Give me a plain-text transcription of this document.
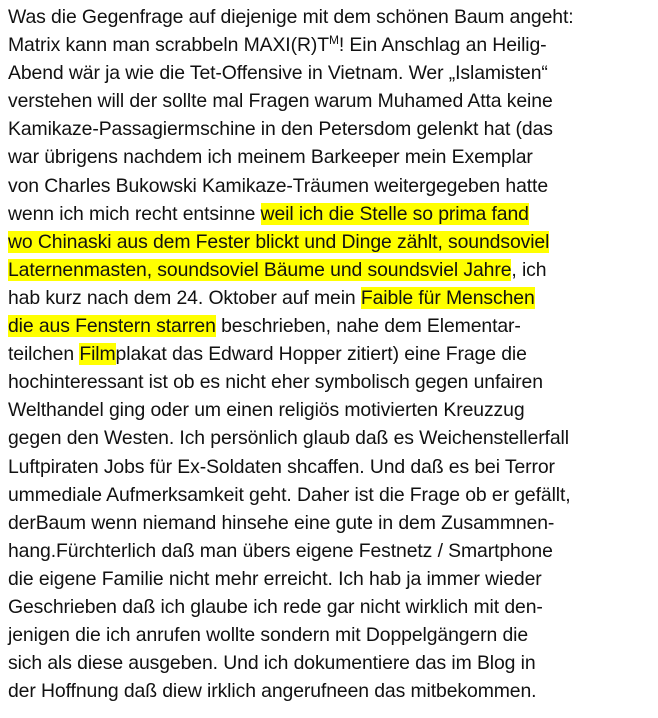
Was die Gegenfrage auf diejenige mit dem schönen Baum angeht:
Matrix kann man scrabbeln $MAXI(R)T^M$! Ein Anschlag an Heilig-
Abend wär ja wie die Tet-Offensive in Vietnam. Wer „Islamisten“
verstehen will der sollte mal Fragen warum Muhamed Atta keine
Kamikaze-Passagiermschine in den Petersdom gelenkt hat (das
war übrigens nachdem ich meinem Barkeeper mein Exemplar
von Charles Bukowski Kamikaze-Träumen weitergegeben hatte
wenn ich mich recht entsinne weil ich die Stelle so prima fand
wo Chinaski aus dem Fester blickt und Dinge zählt, soundsoviel
Laternenmasten, soundsoviel Bäume und soundsviel Jahre, ich
hab kurz nach dem 24. Oktober auf mein Faible für Menschen
die aus Fenstern starren beschrieben, nahe dem Elementar-
teilchen Filmplakat das Edward Hopper zitiert) eine Frage die
hochinteressant ist ob es nicht eher symbolisch gegen unfairen
Welthandel ging oder um einen religiös motivierten Kreuzzug
gegen den Westen. Ich persönlich glaub daß es Weichenstellerfall
Luftpiraten Jobs für Ex-Soldaten shcaffen. Und daß es bei Terror
ummediale Aufmerksamkeit geht. Daher ist die Frage ob er gefällt,
derBaum wenn niemand hinsehe eine gute in dem Zusammnen-
hang.Fürchterlich daß man übers eigene Festnetz / Smartphone
die eigene Familie nicht mehr erreicht. Ich hab ja immer wieder
Geschrieben daß ich glaube ich rede gar nicht wirklich mit den-
jenigen die ich anrufen wollte sondern mit Doppelgängern die
sich als diese ausgeben. Und ich dokumentiere das im Blog in
der Hoffnung daß diew irklich angerufneen das mitbekommen.
